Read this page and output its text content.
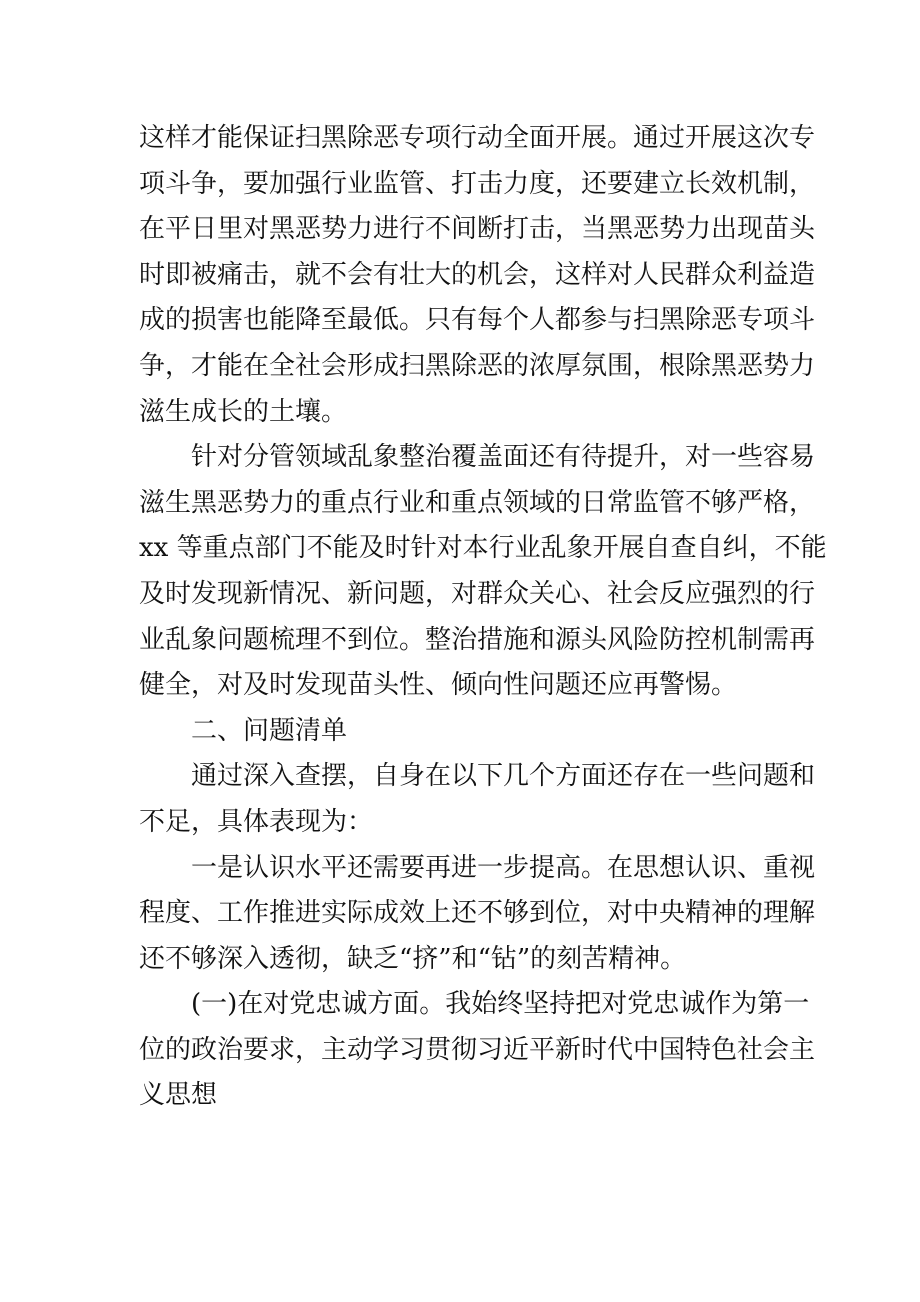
这样才能保证扫黑除恶专项行动全面开展。通过开展这次专

项斗争，要加强行业监管、打击力度，还要建立长效机制，

在平日里对黑恶势力进行不间断打击，当黑恶势力出现苗头

时即被痛击，就不会有壮大的机会，这样对人民群众利益造

成的损害也能降至最低。只有每个人都参与扫黑除恶专项斗

争，才能在全社会形成扫黑除恶的浓厚氛围，根除黑恶势力

滋生成长的土壤。

针对分管领域乱象整治覆盖面还有待提升，对一些容易

滋生黑恶势力的重点行业和重点领域的日常监管不够严格，

xx 等重点部门不能及时针对本行业乱象开展自查自纠，不能

及时发现新情况、新问题，对群众关心、社会反应强烈的行

业乱象问题梳理不到位。整治措施和源头风险防控机制需再

健全，对及时发现苗头性、倾向性问题还应再警惕。

二、问题清单

通过深入查摆，自身在以下几个方面还存在一些问题和

不足，具体表现为：

一是认识水平还需要再进一步提高。在思想认识、重视

程度、工作推进实际成效上还不够到位，对中央精神的理解

还不够深入透彻，缺乏“挤”和“钻”的刻苦精神。

(一)在对党忠诚方面。我始终坚持把对党忠诚作为第一

位的政治要求，主动学习贯彻习近平新时代中国特色社会主

义思想
